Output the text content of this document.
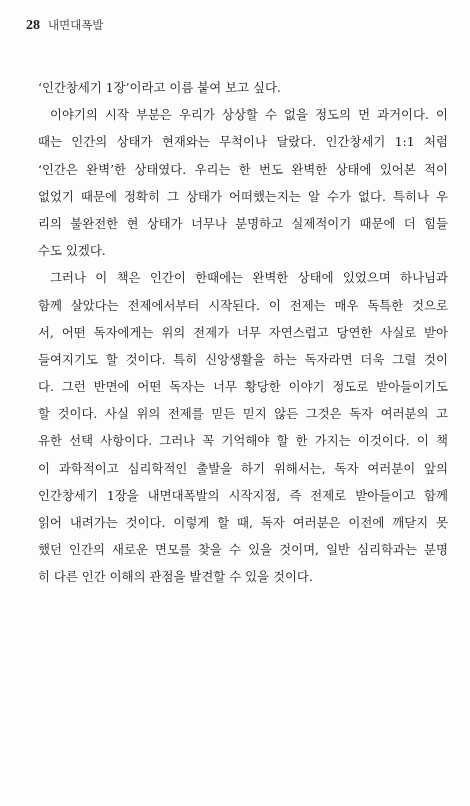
28 내면대폭발
‘인간창세기 1장’이라고 이름 붙여 보고 싶다.
이야기의 시작 부분은 우리가 상상할 수 없을 정도의 먼 과거이다. 이
때는 인간의 상태가 현재와는 무척이나 달랐다. 인간창세기 1:1 처럼
‘인간은 완벽’한 상태였다. 우리는 한 번도 완벽한 상태에 있어본 적이
없었기 때문에 정확히 그 상태가 어떠했는지는 알 수가 없다. 특히나 우
리의 불완전한 현 상태가 너무나 분명하고 실제적이기 때문에 더 힘들
수도 있겠다.
그러나 이 책은 인간이 한때에는 완벽한 상태에 있었으며 하나님과
함께 살았다는 전제에서부터 시작된다. 이 전제는 매우 독특한 것으로
서, 어떤 독자에게는 위의 전제가 너무 자연스럽고 당연한 사실로 받아
들여지기도 할 것이다. 특히 신앙생활을 하는 독자라면 더욱 그럴 것이
다. 그런 반면에 어떤 독자는 너무 황당한 이야기 정도로 받아들이기도
할 것이다. 사실 위의 전제를 믿든 믿지 않든 그것은 독자 여러분의 고
유한 선택 사항이다. 그러나 꼭 기억해야 할 한 가지는 이것이다. 이 책
이 과학적이고 심리학적인 출발을 하기 위해서는, 독자 여러분이 앞의
인간창세기 1장을 내면대폭발의 시작지점, 즉 전제로 받아들이고 함께
읽어 내려가는 것이다. 이렇게 할 때, 독자 여러분은 이전에 깨닫지 못
했던 인간의 새로운 면모를 찾을 수 있을 것이며, 일반 심리학과는 분명
히 다른 인간 이해의 관점을 발견할 수 있을 것이다.
